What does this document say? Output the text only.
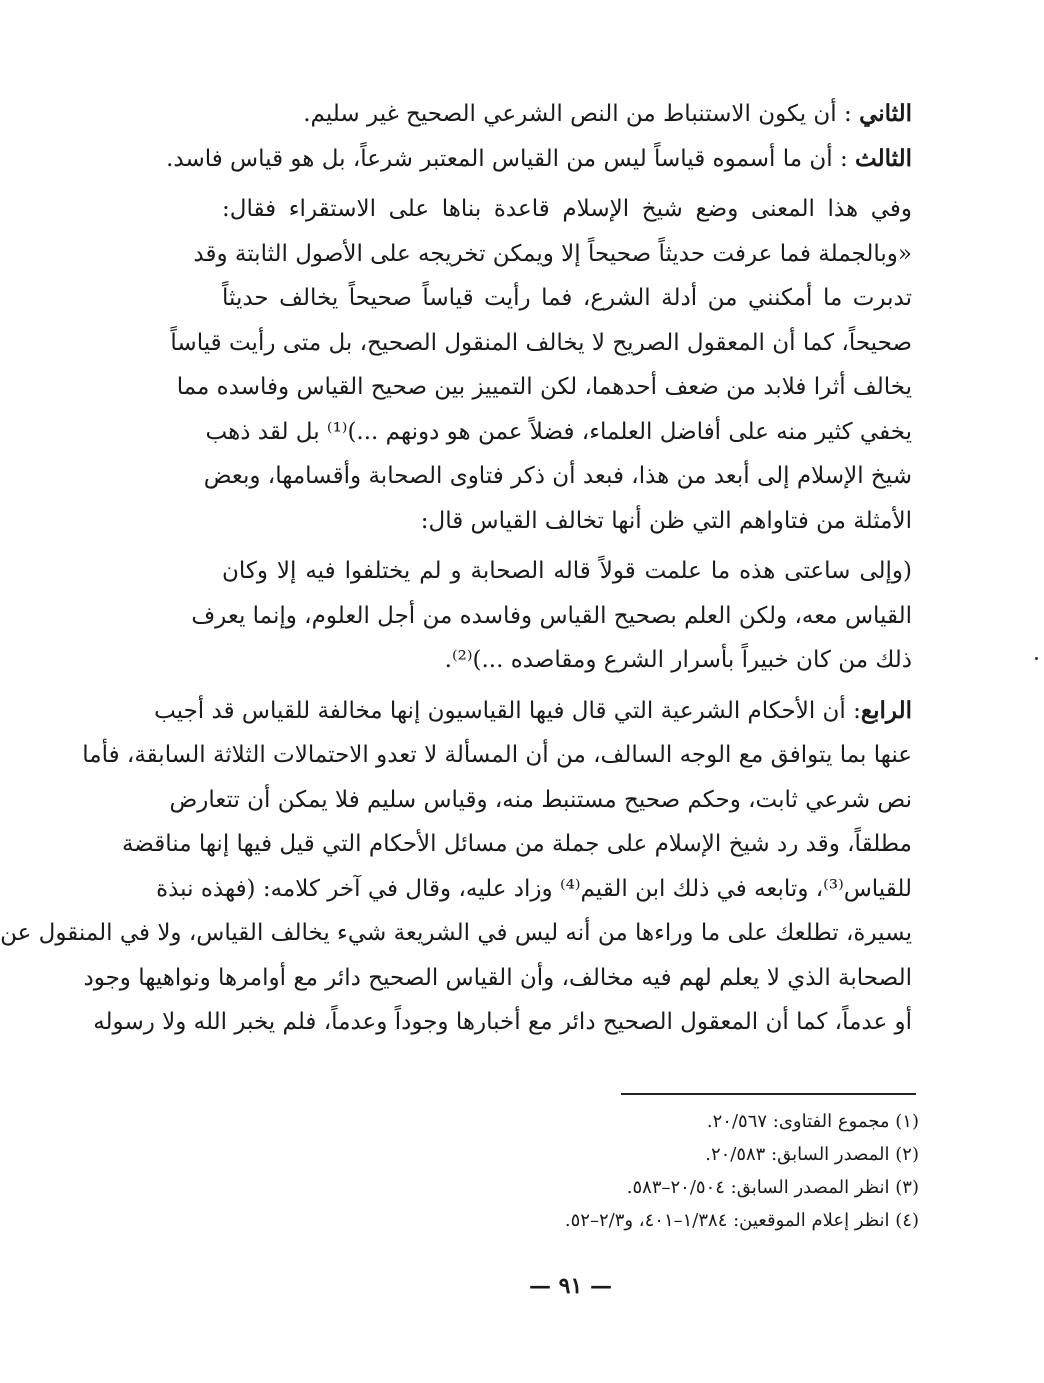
الثاني : أن يكون الاستنباط من النص الشرعي الصحيح غير سليم.
الثالث : أن ما أسموه قياساً ليس من القياس المعتبر شرعاً، بل هو قياس فاسد.
وفي هذا المعنى وضع شيخ الإسلام قاعدة بناها على الاستقراء فقال:
«وبالجملة فما عرفت حديثاً صحيحاً إلا ويمكن تخريجه على الأصول الثابتة وقد
تدبرت ما أمكنني من أدلة الشرع، فما رأيت قياساً صحيحاً يخالف حديثاً
صحيحاً، كما أن المعقول الصريح لا يخالف المنقول الصحيح، بل متى رأيت قياساً
يخالف أثرا فلابد من ضعف أحدهما، لكن التمييز بين صحيح القياس وفاسده مما
يخفي كثير منه على أفاضل العلماء، فضلاً عمن هو دونهم ...)⁽¹⁾ بل لقد ذهب
شيخ الإسلام إلى أبعد من هذا، فبعد أن ذكر فتاوى الصحابة وأقسامها، وبعض
الأمثلة من فتاواهم التي ظن أنها تخالف القياس قال:
(وإلى ساعتى هذه ما علمت قولاً قاله الصحابة و لم يختلفوا فيه إلا وكان
القياس معه، ولكن العلم بصحيح القياس وفاسده من أجل العلوم، وإنما يعرف
ذلك من كان خبيراً بأسرار الشرع ومقاصده ...)⁽²⁾.
الرابع: أن الأحكام الشرعية التي قال فيها القياسيون إنها مخالفة للقياس قد أجيب
عنها بما يتوافق مع الوجه السالف، من أن المسألة لا تعدو الاحتمالات الثلاثة السابقة، فأما
نص شرعي ثابت، وحكم صحيح مستنبط منه، وقياس سليم فلا يمكن أن تتعارض
مطلقاً، وقد رد شيخ الإسلام على جملة من مسائل الأحكام التي قيل فيها إنها مناقضة
للقياس⁽³⁾، وتابعه في ذلك ابن القيم⁽⁴⁾ وزاد عليه، وقال في آخر كلامه: (فهذه نبذة
يسيرة، تطلعك على ما وراءها من أنه ليس في الشريعة شيء يخالف القياس، ولا في المنقول عن
الصحابة الذي لا يعلم لهم فيه مخالف، وأن القياس الصحيح دائر مع أوامرها ونواهيها وجود
أو عدماً، كما أن المعقول الصحيح دائر مع أخبارها وجوداً وعدماً، فلم يخبر الله ولا رسوله
(١) مجموع الفتاوى: ٢٠/٥٦٧.
(٢) المصدر السابق: ٢٠/٥٨٣.
(٣) انظر المصدر السابق: ٢٠/٥٠٤–٥٨٣.
(٤) انظر إعلام الموقعين: ١/٣٨٤–٤٠١، و٢/٣–٥٢.
— ٩١ —
